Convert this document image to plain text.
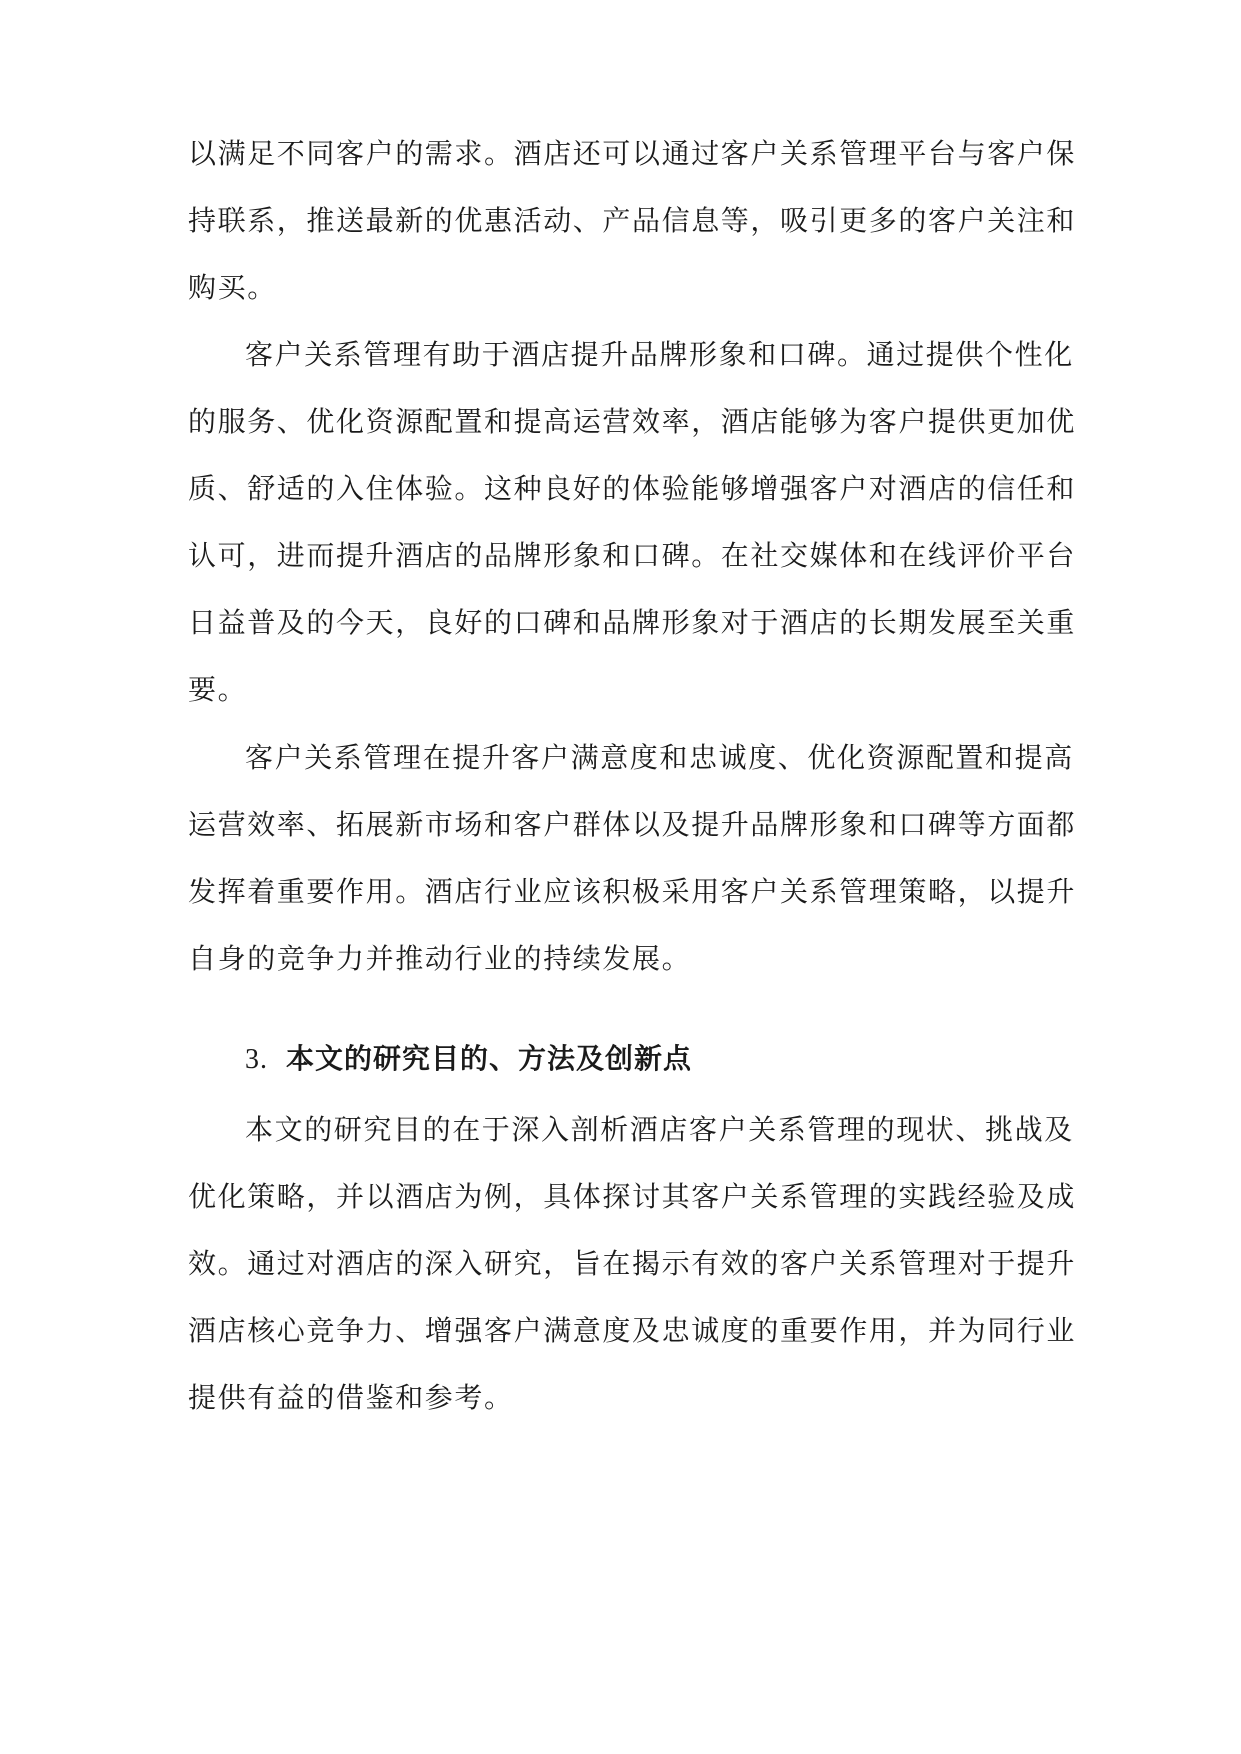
以满足不同客户的需求。酒店还可以通过客户关系管理平台与客户保
持联系，推送最新的优惠活动、产品信息等，吸引更多的客户关注和
购买。
客户关系管理有助于酒店提升品牌形象和口碑。通过提供个性化
的服务、优化资源配置和提高运营效率，酒店能够为客户提供更加优
质、舒适的入住体验。这种良好的体验能够增强客户对酒店的信任和
认可，进而提升酒店的品牌形象和口碑。在社交媒体和在线评价平台
日益普及的今天，良好的口碑和品牌形象对于酒店的长期发展至关重
要。
客户关系管理在提升客户满意度和忠诚度、优化资源配置和提高
运营效率、拓展新市场和客户群体以及提升品牌形象和口碑等方面都
发挥着重要作用。酒店行业应该积极采用客户关系管理策略，以提升
自身的竞争力并推动行业的持续发展。
3. 本文的研究目的、方法及创新点
本文的研究目的在于深入剖析酒店客户关系管理的现状、挑战及
优化策略，并以酒店为例，具体探讨其客户关系管理的实践经验及成
效。通过对酒店的深入研究，旨在揭示有效的客户关系管理对于提升
酒店核心竞争力、增强客户满意度及忠诚度的重要作用，并为同行业
提供有益的借鉴和参考。
